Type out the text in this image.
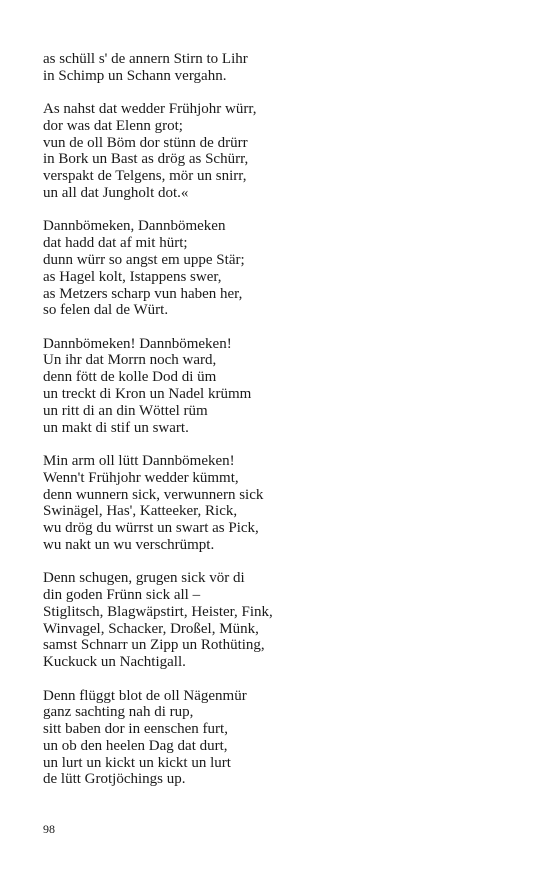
as schüll s' de annern Stirn to Lihr
in Schimp un Schann vergahn.
As nahst dat wedder Frühjohr würr,
dor was dat Elenn grot;
vun de oll Böm dor stünn de drürr
in Bork un Bast as drög as Schürr,
verspakt de Telgens, mör un snirr,
un all dat Jungholt dot.«
Dannbömeken, Dannbömeken
dat hadd dat af mit hürt;
dunn würr so angst em uppe Stär;
as Hagel kolt, Istappens swer,
as Metzers scharp vun haben her,
so felen dal de Würt.
Dannbömeken! Dannbömeken!
Un ihr dat Morrn noch ward,
denn fött de kolle Dod di üm
un treckt di Kron un Nadel krümm
un ritt di an din Wöttel rüm
un makt di stif un swart.
Min arm oll lütt Dannbömeken!
Wenn't Frühjohr wedder kümmt,
denn wunnern sick, verwunnern sick
Swinägel, Has', Katteeker, Rick,
wu drög du würrst un swart as Pick,
wu nakt un wu verschrümpt.
Denn schugen, grugen sick vör di
din goden Frünn sick all –
Stiglitsch, Blagwäpstirt, Heister, Fink,
Winvagel, Schacker, Droßel, Münk,
samst Schnarr un Zipp un Rothüting,
Kuckuck un Nachtigall.
Denn flüggt blot de oll Nägenmür
ganz sachting nah di rup,
sitt baben dor in eenschen furt,
un ob den heelen Dag dat durt,
un lurt un kickt un kickt un lurt
de lütt Grotjöchings up.
98
